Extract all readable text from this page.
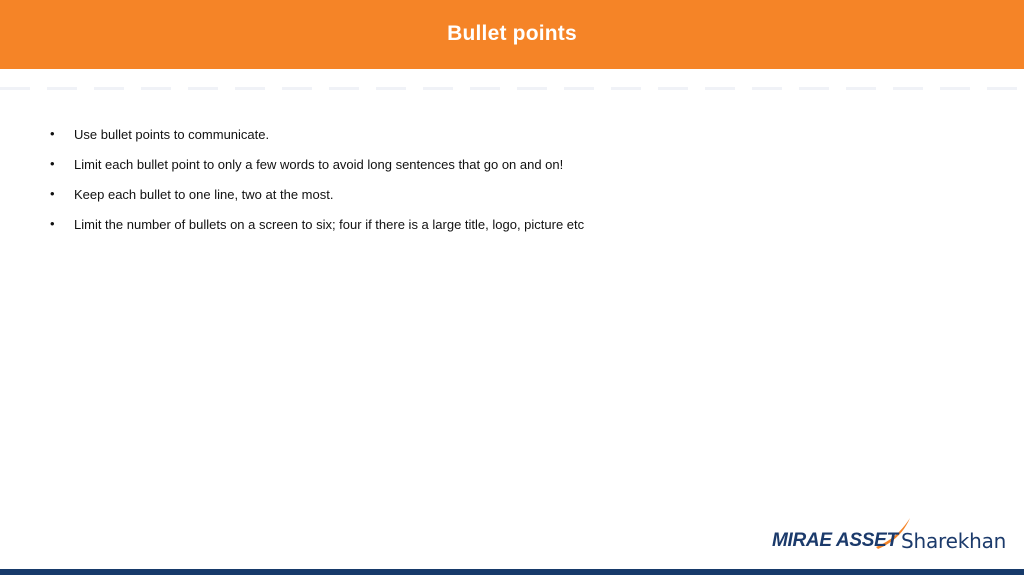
Bullet points
•	Use bullet points to communicate.
•	Limit each bullet point to only a few words to avoid long sentences that go on and on!
•	Keep each bullet to one line, two at the most.
•	Limit the number of bullets on a screen to six; four if there is a large title, logo, picture etc
MIRAE ASSET Sharekhan
